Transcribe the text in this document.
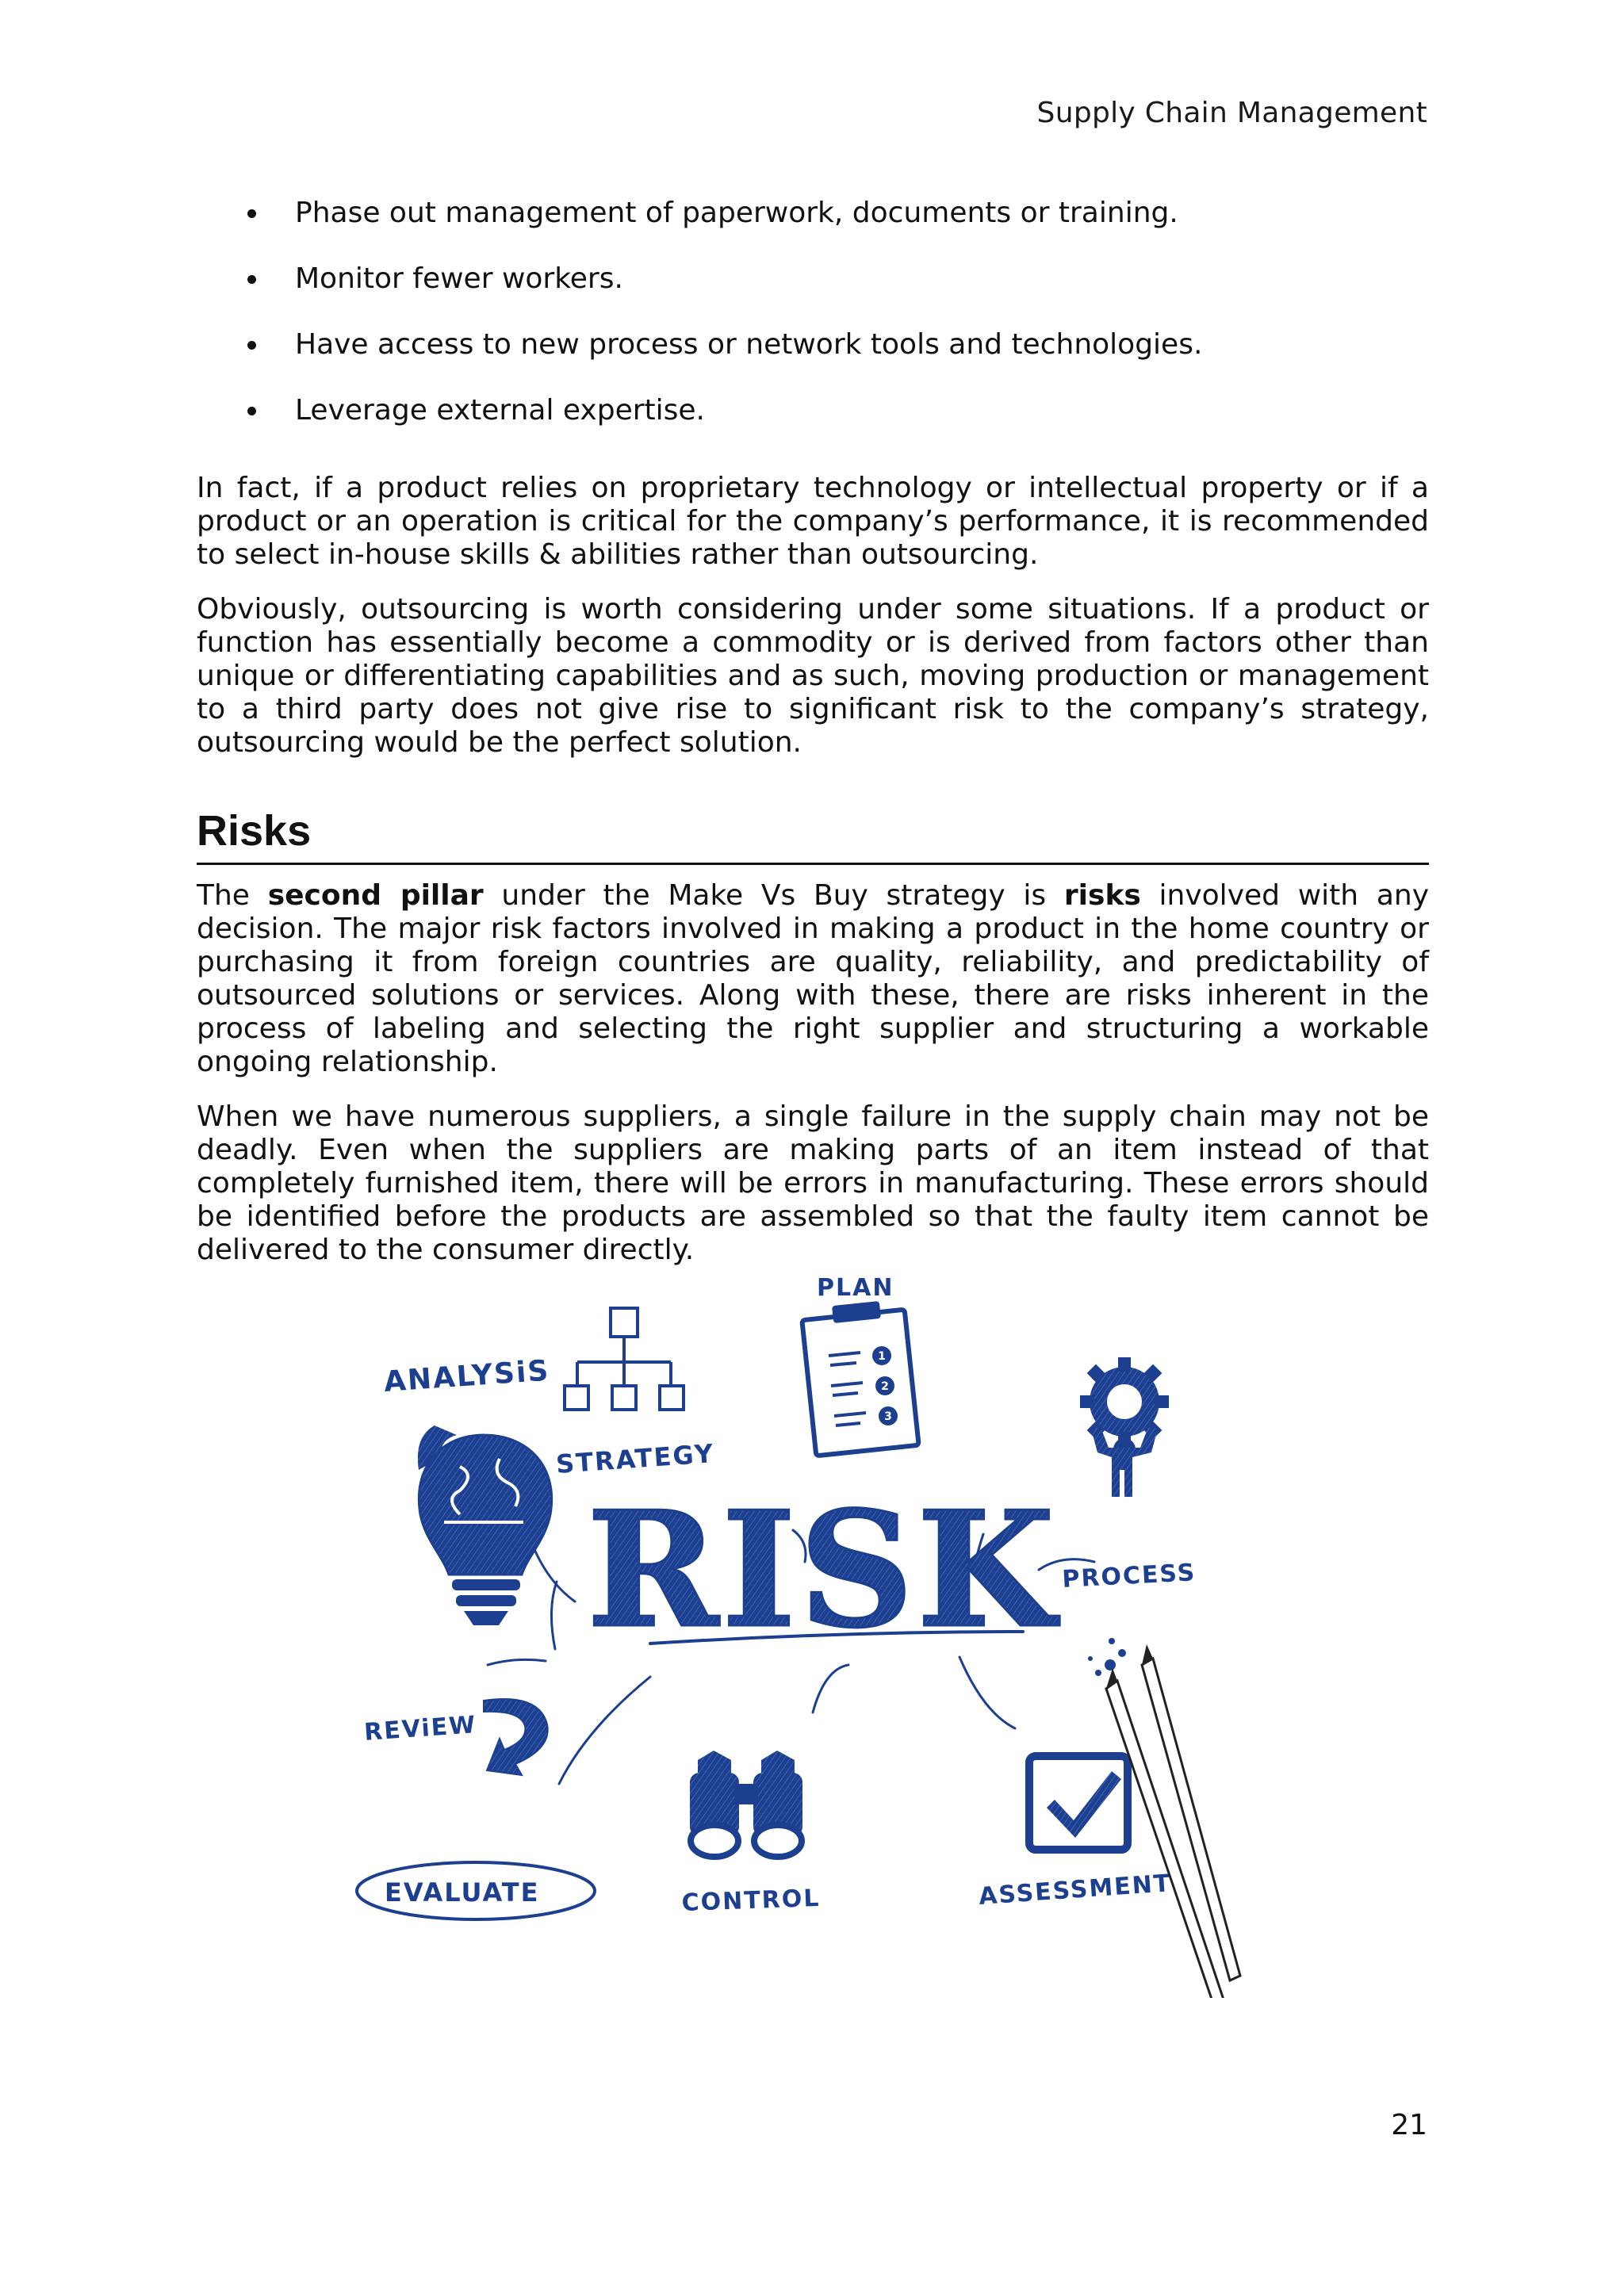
Supply Chain Management
Phase out management of paperwork, documents or training.
Monitor fewer workers.
Have access to new process or network tools and technologies.
Leverage external expertise.

In fact, if a product relies on proprietary technology or intellectual property or if a product or an operation is critical for the company’s performance, it is recommended to select in-house skills & abilities rather than outsourcing.

Obviously, outsourcing is worth considering under some situations. If a product or function has essentially become a commodity or is derived from factors other than unique or differentiating capabilities and as such, moving production or management to a third party does not give rise to significant risk to the company’s strategy, outsourcing would be the perfect solution.

Risks

The second pillar under the Make Vs Buy strategy is risks involved with any decision. The major risk factors involved in making a product in the home country or purchasing it from foreign countries are quality, reliability, and predictability of outsourced solutions or services. Along with these, there are risks inherent in the process of labeling and selecting the right supplier and structuring a workable ongoing relationship.

When we have numerous suppliers, a single failure in the supply chain may not be deadly. Even when the suppliers are making parts of an item instead of that completely furnished item, there will be errors in manufacturing. These errors should be identified before the products are assembled so that the faulty item cannot be delivered to the consumer directly.

ANALYSiS
STRATEGY
PLAN
1
2
3
PROCESS
RISK
REViEW
EVALUATE	CONTROL	ASSESSMENT
21
